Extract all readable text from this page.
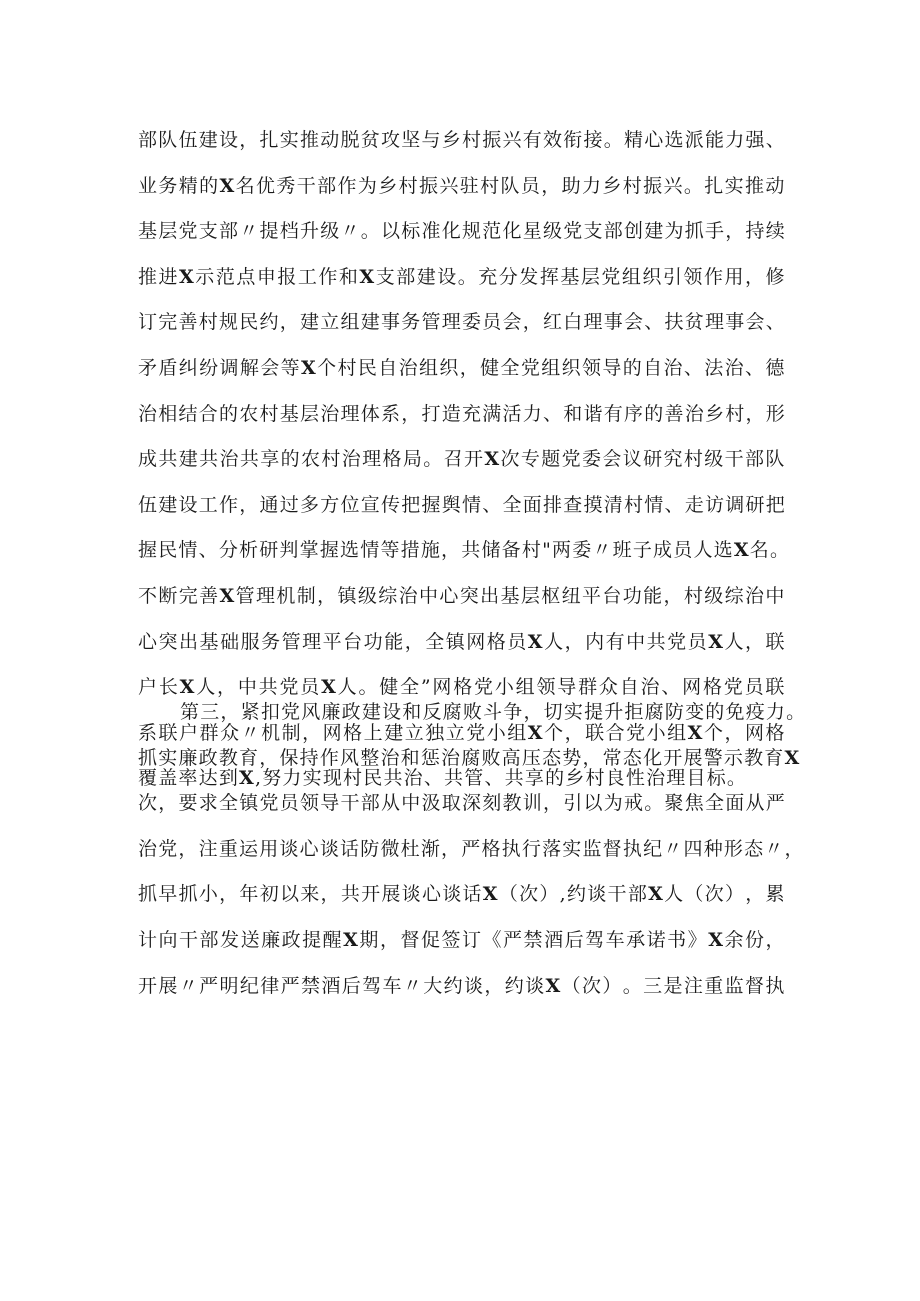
部 队 伍 建 设 ， 扎 实 推 动 脱 贫 攻 坚 与 乡 村 振 兴 有 效 衔 接 。 精 心 选 派 能 力 强 、
业 务 精 的 X 名 优 秀 干 部 作 为 乡 村 振 兴 驻 村 队 员 ， 助 力 乡 村 振 兴 。 扎 实 推 动
基 层 党 支 部 〃 提 档 升 级 〃 。 以 标 准 化 规 范 化 星 级 党 支 部 创 建 为 抓 手 ， 持 续
推 进 X 示 范 点 申 报 工 作 和 X 支 部 建 设 。 充 分 发 挥 基 层 党 组 织 引 领 作 用 ， 修
订 完 善 村 规 民 约 ， 建 立 组 建 事 务 管 理 委 员 会 ， 红 白 理 事 会 、 扶 贫 理 事 会 、
矛 盾 纠 纷 调 解 会 等 X 个 村 民 自 治 组 织 ， 健 全 党 组 织 领 导 的 自 治 、 法 治 、 德
治 相 结 合 的 农 村 基 层 治 理 体 系 ， 打 造 充 满 活 力 、 和 谐 有 序 的 善 治 乡 村 ， 形
成 共 建 共 治 共 享 的 农 村 治 理 格 局 。 召 开 X 次 专 题 党 委 会 议 研 究 村 级 干 部 队
伍 建 设 工 作 ， 通 过 多 方 位 宣 传 把 握 舆 情 、 全 面 排 查 摸 清 村 情 、 走 访 调 研 把
握 民 情 、 分 析 研 判 掌 握 选 情 等 措 施 ， 共 储 备 村 " 两 委 〃 班 子 成 员 人 选 X 名 。
不 断 完 善 X 管 理 机 制 ， 镇 级 综 治 中 心 突 出 基 层 枢 纽 平 台 功 能 ， 村 级 综 治 中
心 突 出 基 础 服 务 管 理 平 台 功 能 ， 全 镇 网 格 员 X 人 ， 内 有 中 共 党 员 X 人 ， 联
户 长 X 人 ， 中 共 党 员 X 人 。 健 全 ” 网 格 党 小 组 领 导 群 众 自 治 、 网 格 党 员 联
系 联 户 群 众 〃 机 制 ， 网 格 上 建 立 独 立 党 小 组 X 个 ， 联 合 党 小 组 X 个 ， 网 格
覆盖率达到X,努力实现村民共治、共管、共享的乡村良性治理目标。
第三，紧扣党风廉政建设和反腐败斗争，切实提升拒腐防变的免疫力。
抓 实 廉 政 教 育 ， 保 持 作 风 整 治 和 惩 治 腐 败 高 压 态 势 ， 常 态 化 开 展 警 示 教 育 X
次 ， 要 求 全 镇 党 员 领 导 干 部 从 中 汲 取 深 刻 教 训 ， 引 以 为 戒 。 聚 焦 全 面 从 严
治 党 ， 注 重 运 用 谈 心 谈 话 防 微 杜 渐 ， 严 格 执 行 落 实 监 督 执 纪 〃 四 种 形 态 〃 ，
抓 早 抓 小 ， 年 初 以 来 ， 共 开 展 谈 心 谈 话 X （ 次 ） , 约 谈 干 部 X 人 （ 次 ） ， 累
计 向 干 部 发 送 廉 政 提 醒 X 期 ， 督 促 签 订 《 严 禁 酒 后 驾 车 承 诺 书 》 X 余 份 ，
开 展 〃 严 明 纪 律 严 禁 酒 后 驾 车 〃 大 约 谈 ， 约 谈 X （ 次 ） 。 三 是 注 重 监 督 执
